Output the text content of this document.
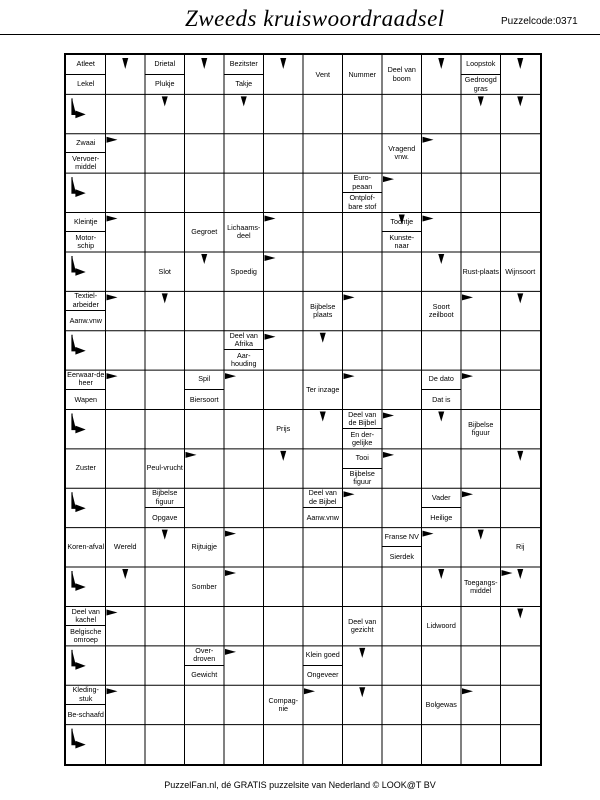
Zweeds kruiswoordraadsel	Puzzelcode:0371
Atleet
Lekel
Drietal
Plukje
Bezitster
Takje
Vent	Nummer	Deel van boom
Loopstok
Gedroogd gras
Zwaai
Vervoer-middel
Vragend vnw.
Euro-peaan
Ontplof-bare stof
Kleintje
Motor-schip
Gegroet	Lichaams-deel
Tochtje
Kunste-naar
Slot	Spoedig	Rust-plaats Wijnsoort
Textiel-arbeider
Aanw.vnw
Bijbelse plaats
Soort zeilboot
Deel van Afrika
Aar-houding
Eerwaar-de heer
Wapen
Spil
Biersoort
Ter inzage
De dato
Dat is
Prijs
Deel van de Bijbel
En der-gelijke
Bijbelse figuur
Zuster	Peul-vrucht
Tooi
Bijbelse figuur
Bijbelse figuur
Opgave
Deel van de Bijbel
Aanw.vnw
Vader
Heilige
Koren-afval	Wereld	Rijtuigje
Franse NV
Sierdek
Rij
Somber	Toegangs-middel
Deel van kachel
Belgische omroep
Deel van gezicht	Lidwoord
Over-droven
Gewicht
Klein goed
Ongeveer
Kleding-stuk
Be-schaafd
Compag-nie	Bolgewas
PuzzelFan.nl, dé GRATIS puzzelsite van Nederland © LOOK@T BV
